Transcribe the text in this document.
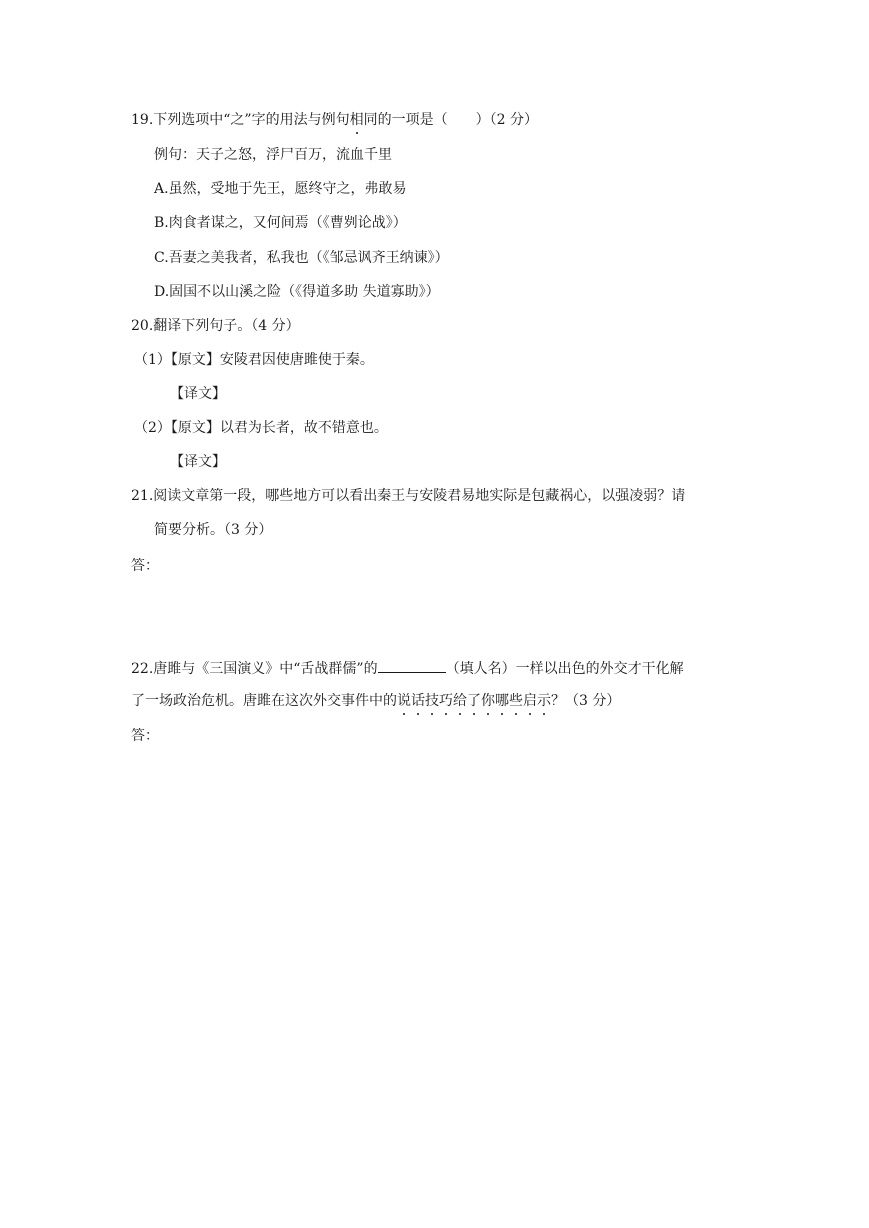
19.下列选项中“之”字的用法与例句相同的一项是（　　）（2 分）
例句：天子之怒，浮尸百万，流血千里
A.虽然，受地于先王，愿终守之，弗敢易
B.肉食者谋之，又何间焉（《曹刿论战》）
C.吾妻之美我者，私我也（《邹忌讽齐王纳谏》）
D.固国不以山溪之险（《得道多助 失道寡助》）
20.翻译下列句子。（4 分）
（1）【原文】安陵君因使唐雎使于秦。
【译文】
（2）【原文】以君为长者，故不错意也。
【译文】
21.阅读文章第一段，哪些地方可以看出秦王与安陵君易地实际是包藏祸心，以强凌弱？请
简要分析。（3 分）
答：
22.唐雎与《三国演义》中“舌战群儒”的	（填人名）一样以出色的外交才干化解
了一场政治危机。唐雎在这次外交事件中的说话技巧给了你哪些启示？（3 分）
答：
